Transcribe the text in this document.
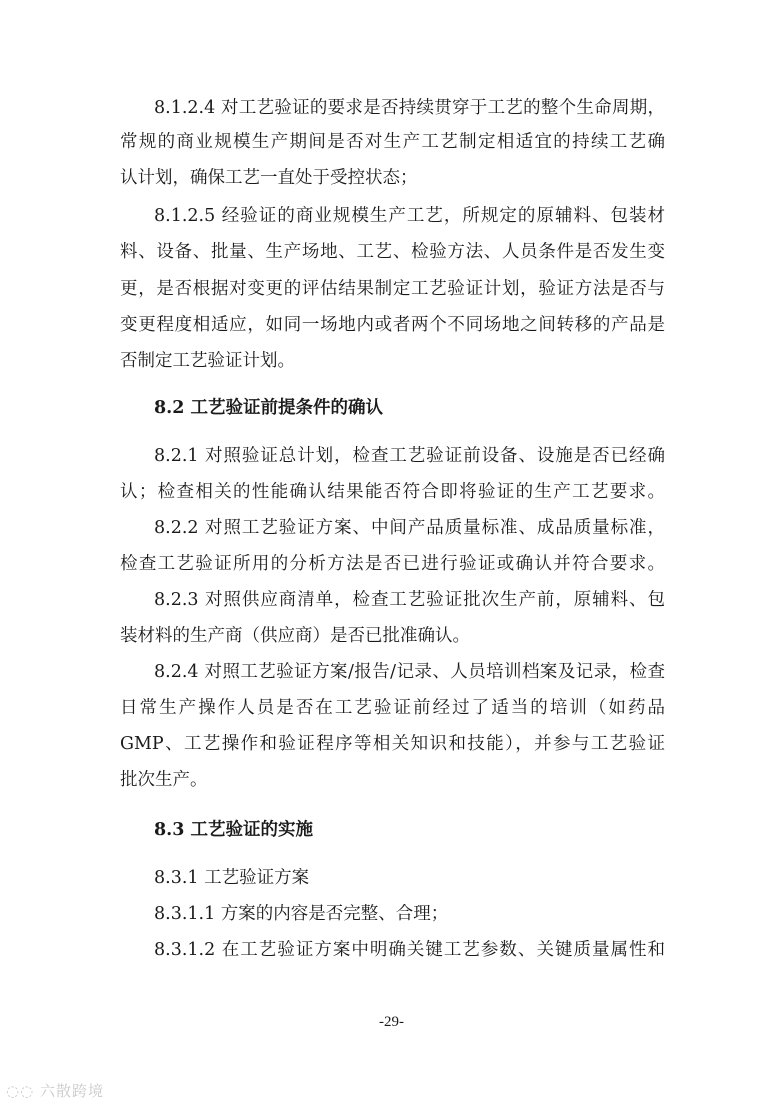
8.1.2.4 对工艺验证的要求是否持续贯穿于工艺的整个生命周期，
常规的商业规模生产期间是否对生产工艺制定相适宜的持续工艺确
认计划，确保工艺一直处于受控状态；
8.1.2.5 经验证的商业规模生产工艺，所规定的原辅料、包装材
料、设备、批量、生产场地、工艺、检验方法、人员条件是否发生变
更，是否根据对变更的评估结果制定工艺验证计划，验证方法是否与
变更程度相适应，如同一场地内或者两个不同场地之间转移的产品是
否制定工艺验证计划。
8.2 工艺验证前提条件的确认
8.2.1 对照验证总计划，检查工艺验证前设备、设施是否已经确
认；检查相关的性能确认结果能否符合即将验证的生产工艺要求。
8.2.2 对照工艺验证方案、中间产品质量标准、成品质量标准，
检查工艺验证所用的分析方法是否已进行验证或确认并符合要求。
8.2.3 对照供应商清单，检查工艺验证批次生产前，原辅料、包
装材料的生产商（供应商）是否已批准确认。
8.2.4 对照工艺验证方案/报告/记录、人员培训档案及记录，检查
日常生产操作人员是否在工艺验证前经过了适当的培训（如药品
GMP、工艺操作和验证程序等相关知识和技能），并参与工艺验证
批次生产。
8.3 工艺验证的实施
8.3.1 工艺验证方案
8.3.1.1 方案的内容是否完整、合理；
8.3.1.2 在工艺验证方案中明确关键工艺参数、关键质量属性和
-29-
◌◌ 六散跨境
